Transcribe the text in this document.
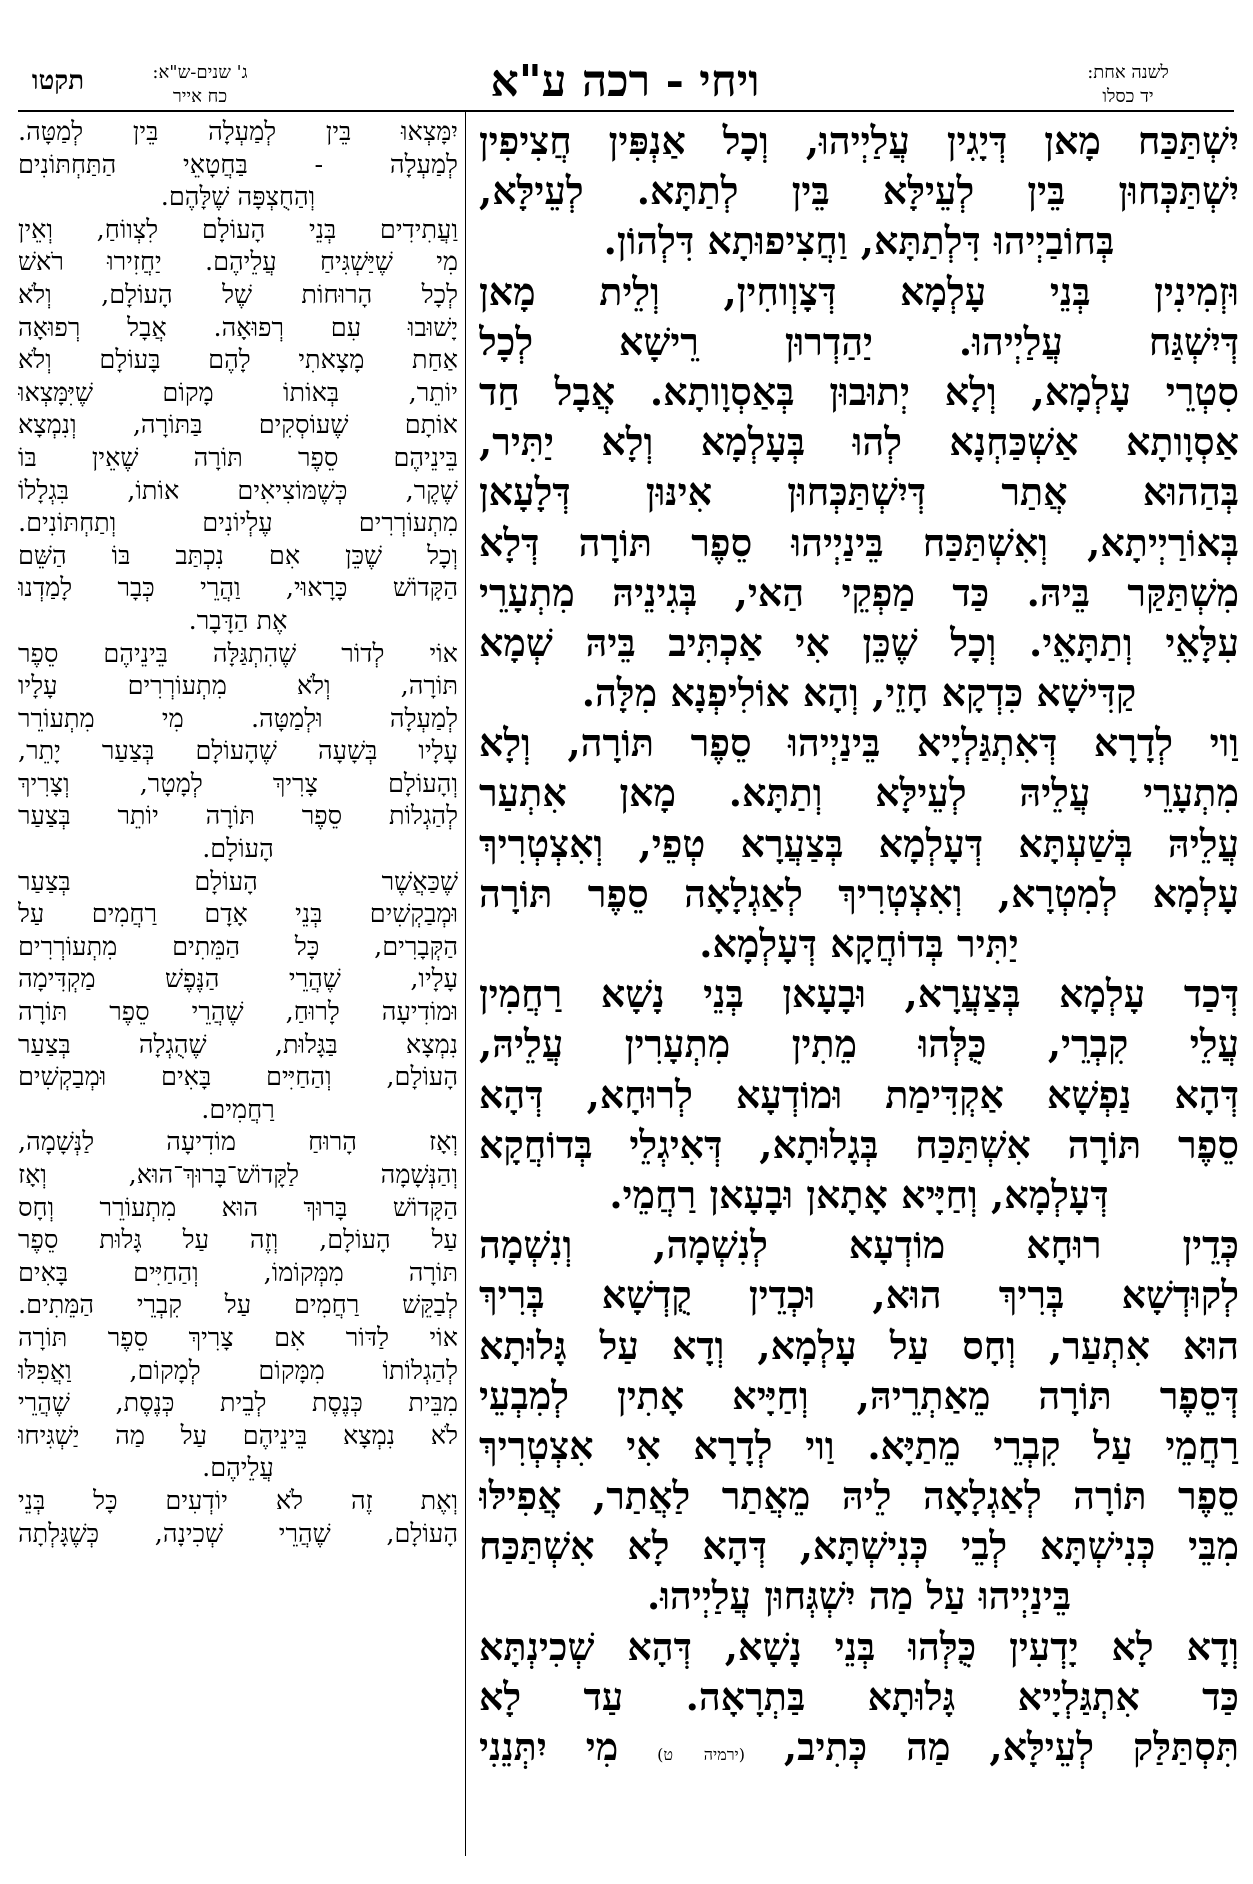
לשנה אחת:
יד כסלו
ויחי - רכה ע"א
ג' שנים-ש"א:
כח אייר
תקטו
יִשְׁתַּכַּח מָאן דְּיָגִין עֲלַיְיהוּ, וְכָל אַנְפִּין חֲצִיפִין
יִשְׁתַּכְּחוּן בֵּין לְעֵילָּא בֵּין לְתַתָּא. לְעֵילָּא,
בְּחוֹבַיְיהוּ דִּלְתַתָּא, וַחֲצִיפוּתָא דִּלְהוֹן.
וּזְמִינִין בְּנֵי עָלְמָא דְּצָוְוחִין, וְלֵית מָאן
דְּיִשְׁגַּח עֲלַיְיהוּ. יַהַדְרוּן רֵישָׁא לְכָל
סִטְרֵי עָלְמָא, וְלָא יְתוּבוּן בְּאַסְוָותָא. אֲבָל חַד
אַסְוָותָא אַשְׁכַּחְנָא לְהוּ בְּעָלְמָא וְלָא יַתִּיר,
בְּהַהוּא אֲתַר דְּיִשְׁתַּכְּחוּן אִינּוּן דְּלָעָאן
בְּאוֹרַיְיתָא, וְאִשְׁתַּכַּח בֵּינַיְיהוּ סֵפֶר תּוֹרָה דְּלָא
מִשְׁתַּקַּר בֵּיהּ. כַּד מַפְקֵי הַאי, בְּגִינֵיהּ מִתְעָרֵי
עִלָּאֵי וְתַתָּאֵי. וְכָל שֶׁכֵּן אִי אַכְתִּיב בֵּיהּ שְׁמָא
קַדִּישָׁא כִּדְקָא חָזֵי, וְהָא אוֹלִיפְנָא מִלָּה.
וַוי לְדָרָא דְּאִתְגַּלְיָיא בֵּינַיְיהוּ סֵפֶר תּוֹרָה, וְלָא
מִתְעָרֵי עֲלֵיהּ לְעֵילָּא וְתַתָּא. מָאן אִתְעַר
עֲלֵיהּ בְּשַׁעְתָּא דְּעָלְמָא בְּצַעֲרָא טְפֵי, וְאִצְטְרִיךְ
עָלְמָא לְמִטְרָא, וְאִצְטְרִיךְ לְאַגְלָאָה סֵפֶר תּוֹרָה
יַתִּיר בְּדוֹחֲקָא דְּעָלְמָא.
דְּכַד עָלְמָא בְּצַעֲרָא, וּבָעָאן בְּנֵי נָשָׁא רַחֲמִין
עֲלֵי קִבְרֵי, כֻּלְּהוּ מֵתִין מִתְעָרִין עֲלֵיהּ,
דְּהָא נַפְשָׁא אַקְדִּימַת וּמוֹדְעָא לְרוּחָא, דְּהָא
סֵפֶר תּוֹרָה אִשְׁתַּכַּח בְּגָלוּתָא, דְּאִיגְלֵי בְּדוֹחֲקָא
דְּעָלְמָא, וְחַיָּיא אָתָאן וּבָעָאן רַחֲמֵי.
כְּדֵין רוּחָא מוֹדְעָא לְנִשְׁמָה, וְנִשְׁמָה
לְקוּדְשָׁא בְּרִיךְ הוּא, וּכְדֵין קֻדְשָׁא בְּרִיךְ
הוּא אִתְעַר, וְחָס עַל עָלְמָא, וְדָא עַל גָּלוּתָא
דְּסֵפֶר תּוֹרָה מֵאַתְרֵיהּ, וְחַיָּיא אָתִין לְמִבְעֵי
רַחֲמֵי עַל קִבְרֵי מֵתַיָּא. וַוי לְדָרָא אִי אִצְטְרִיךְ
סֵפֶר תּוֹרָה לְאַגְלָאָה לֵיהּ מֵאֲתַר לַאֲתַר, אֲפִילּוּ
מִבֵּי כְּנִישְׁתָּא לְבֵי כְּנִישְׁתָּא, דְּהָא לָא אִשְׁתַּכַּח
בֵּינַיְיהוּ עַל מַה יִשְׁגְּחוּן עֲלַיְיהוּ.
וְדָא לָא יָדְעִין כֻּלְּהוּ בְּנֵי נָשָׁא, דְּהָא שְׁכִינְתָּא
כַּד אִתְגַּלְיָיא גָּלוּתָא בַּתְרָאָה. עַד לָא
תִּסְתַּלַּק לְעֵילָּא, מַה כְּתִיב, (ירמיה ט) מִי יִתְּנֵנִי
יִמָּצְאוּ בֵּין לְמַעְלָה בֵּין לְמַטָּה.
לְמַעְלָה - בַּחֲטָאֵי הַתַּחְתּוֹנִים
וְהַחֻצְפָּה שֶׁלָּהֶם.
וַעֲתִידִים בְּנֵי הָעוֹלָם לִצְווֹחַ, וְאֵין
מִי שֶׁיַּשְׁגִּיחַ עֲלֵיהֶם. יַחֲזִירוּ רֹאשׁ
לְכָל הָרוּחוֹת שֶׁל הָעוֹלָם, וְלֹא
יָשׁוּבוּ עִם רְפוּאָה. אֲבָל רְפוּאָה
אַחַת מָצָאתִי לָהֶם בָּעוֹלָם וְלֹא
יוֹתֵר, בְּאוֹתוֹ מָקוֹם שֶׁיִּמָּצְאוּ
אוֹתָם שֶׁעוֹסְקִים בַּתּוֹרָה, וְנִמְצָא
בֵּינֵיהֶם סֵפֶר תּוֹרָה שֶׁאֵין בּוֹ
שֶׁקֶר, כְּשֶׁמּוֹצִיאִים אוֹתוֹ, בִּגְלָלוֹ
מִתְעוֹרְרִים עֶלְיוֹנִים וְתַחְתּוֹנִים.
וְכָל שֶׁכֵּן אִם נִכְתַּב בּוֹ הַשֵּׁם
הַקָּדוֹשׁ כָּרָאוּי, וַהֲרֵי כְּבָר לָמַדְנוּ
אֶת הַדָּבָר.
אוֹי לְדוֹר שֶׁהִתְגַּלָּה בֵּינֵיהֶם סֵפֶר
תּוֹרָה, וְלֹא מִתְעוֹרְרִים עָלָיו
לְמַעְלָה וּלְמַטָּה. מִי מִתְעוֹרֵר
עָלָיו בְּשָׁעָה שֶׁהָעוֹלָם בְּצַעַר יָתֵר,
וְהָעוֹלָם צָרִיךְ לְמָטָר, וְצָרִיךְ
לְהַגְלוֹת סֵפֶר תּוֹרָה יוֹתֵר בְּצַעַר
הָעוֹלָם.
שֶׁכַּאֲשֶׁר הָעוֹלָם בְּצַעַר
וּמְבַקְשִׁים בְּנֵי אָדָם רַחֲמִים עַל
הַקְּבָרִים, כָּל הַמֵּתִים מִתְעוֹרְרִים
עָלָיו, שֶׁהֲרֵי הַנֶּפֶשׁ מַקְדִּימָה
וּמוֹדִיעָה לָרוּחַ, שֶׁהֲרֵי סֵפֶר תּוֹרָה
נִמְצָא בַּגָּלוּת, שֶׁהֻגְלָה בְּצַעַר
הָעוֹלָם, וְהַחַיִּים בָּאִים וּמְבַקְשִׁים
רַחֲמִים.
וְאָז הָרוּחַ מוֹדִיעָה לַנְּשָׁמָה,
וְהַנְּשָׁמָה לַקָּדוֹשׁ־בָּרוּךְ־הוּא, וְאָז
הַקָּדוֹשׁ בָּרוּךְ הוּא מִתְעוֹרֵר וְחָס
עַל הָעוֹלָם, וְזֶה עַל גָּלוּת סֵפֶר
תּוֹרָה מִמְּקוֹמוֹ, וְהַחַיִּים בָּאִים
לְבַקֵּשׁ רַחֲמִים עַל קִבְרֵי הַמֵּתִים.
אוֹי לַדּוֹר אִם צָרִיךְ סֵפֶר תּוֹרָה
לְהַגְלוֹתוֹ מִמָּקוֹם לְמָקוֹם, וַאֲפִלּוּ
מִבֵּית כְּנֶסֶת לְבֵית כְּנֶסֶת, שֶׁהֲרֵי
לֹא נִמְצָא בֵּינֵיהֶם עַל מַה יַשְׁגִּיחוּ
עֲלֵיהֶם.
וְאֶת זֶה לֹא יוֹדְעִים כָּל בְּנֵי
הָעוֹלָם, שֶׁהֲרֵי שְׁכִינָה, כְּשֶׁגָּלְתָה
